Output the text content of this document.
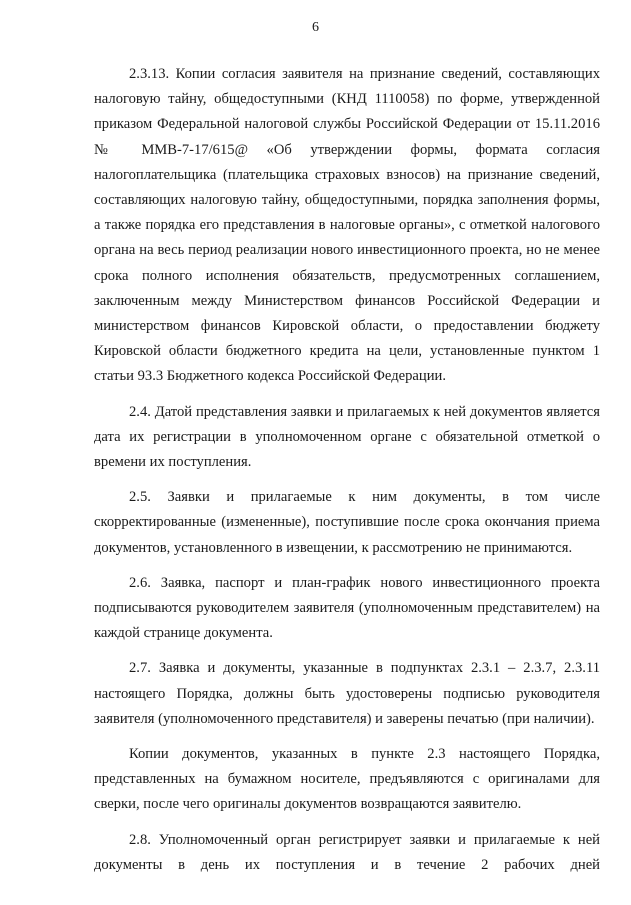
6

2.3.13. Копии согласия заявителя на признание сведений, составляющих налоговую тайну, общедоступными (КНД 1110058) по форме, утвержденной приказом Федеральной налоговой службы Российской Федерации от 15.11.2016 № ММВ-7-17/615@ «Об утверждении формы, формата согласия налогоплательщика (плательщика страховых взносов) на признание сведений, составляющих налоговую тайну, общедоступными, порядка заполнения формы, а также порядка его представления в налоговые органы», с отметкой налогового органа на весь период реализации нового инвестиционного проекта, но не менее срока полного исполнения обязательств, предусмотренных соглашением, заключенным между Министерством финансов Российской Федерации и министерством финансов Кировской области, о предоставлении бюджету Кировской области бюджетного кредита на цели, установленные пунктом 1 статьи 93.3 Бюджетного кодекса Российской Федерации.

2.4. Датой представления заявки и прилагаемых к ней документов является дата их регистрации в уполномоченном органе с обязательной отметкой о времени их поступления.

2.5. Заявки и прилагаемые к ним документы, в том числе скорректированные (измененные), поступившие после срока окончания приема документов, установленного в извещении, к рассмотрению не принимаются.

2.6. Заявка, паспорт и план-график нового инвестиционного проекта подписываются руководителем заявителя (уполномоченным представителем) на каждой странице документа.

2.7. Заявка и документы, указанные в подпунктах 2.3.1 – 2.3.7, 2.3.11 настоящего Порядка, должны быть удостоверены подписью руководителя заявителя (уполномоченного представителя) и заверены печатью (при наличии).

Копии документов, указанных в пункте 2.3 настоящего Порядка, представленных на бумажном носителе, предъявляются с оригиналами для сверки, после чего оригиналы документов возвращаются заявителю.

2.8. Уполномоченный орган регистрирует заявки и прилагаемые к ней документы в день их поступления и в течение 2 рабочих дней
